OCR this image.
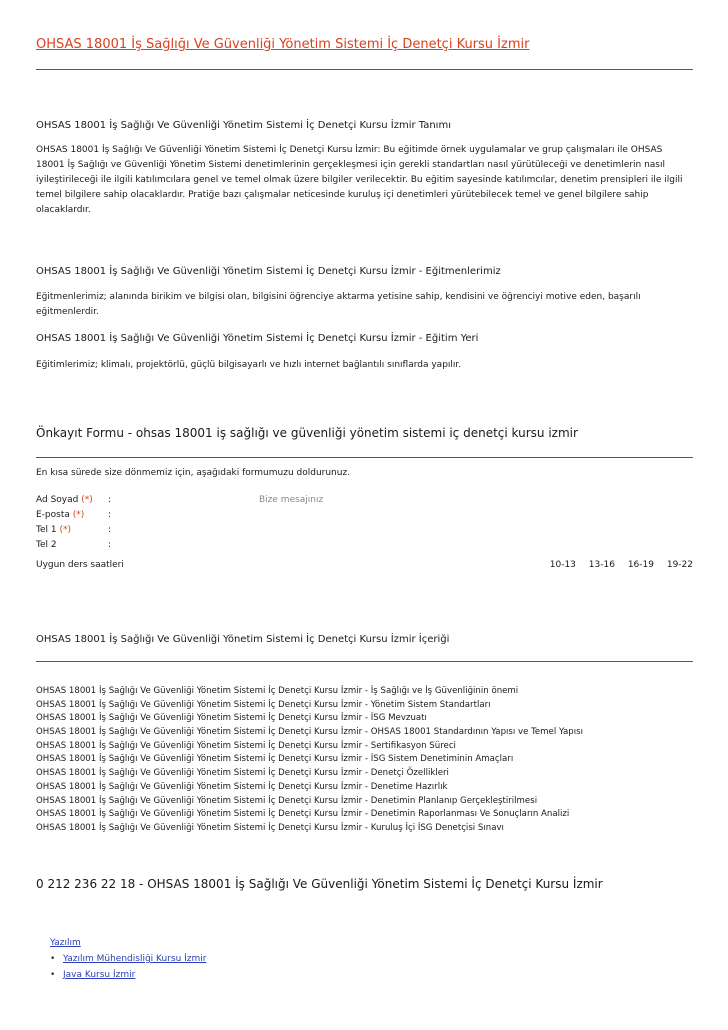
OHSAS 18001 İş Sağlığı Ve Güvenliği Yönetim Sistemi İç Denetçi Kursu İzmir
OHSAS 18001 İş Sağlığı Ve Güvenliği Yönetim Sistemi İç Denetçi Kursu İzmir Tanımı

OHSAS 18001 İş Sağlığı Ve Güvenliği Yönetim Sistemi İç Denetçi Kursu İzmir: Bu eğitimde örnek uygulamalar ve grup çalışmaları ile OHSAS 18001 İş Sağlığı ve Güvenliği Yönetim Sistemi denetimlerinin gerçekleşmesi için gerekli standartları nasıl yürütüleceği ve denetimlerin nasıl iyileştirileceği ile ilgili katılımcılara genel ve temel olmak üzere bilgiler verilecektir. Bu eğitim sayesinde katılımcılar, denetim prensipleri ile ilgili temel bilgilere sahip olacaklardır. Pratiğe bazı çalışmalar neticesinde kuruluş içi denetimleri yürütebilecek temel ve genel bilgilere sahip olacaklardır.

OHSAS 18001 İş Sağlığı Ve Güvenliği Yönetim Sistemi İç Denetçi Kursu İzmir - Eğitmenlerimiz

Eğitmenlerimiz; alanında birikim ve bilgisi olan, bilgisini öğrenciye aktarma yetisine sahip, kendisini ve öğrenciyi motive eden, başarılı eğitmenlerdir.

OHSAS 18001 İş Sağlığı Ve Güvenliği Yönetim Sistemi İç Denetçi Kursu İzmir - Eğitim Yeri

Eğitimlerimiz; klimalı, projektörlü, güçlü bilgisayarlı ve hızlı internet bağlantılı sınıflarda yapılır.

Önkayıt Formu - ohsas 18001 iş sağlığı ve güvenliği yönetim sistemi iç denetçi kursu izmir
En kısa sürede size dönmemiz için, aşağıdaki formumuzu doldurunuz.
Ad Soyad (*) :	Bize mesajınız
E-posta (*)	:
Tel 1 (*)	:
Tel 2	:
Uygun ders saatleri	10-13 13-16 16-19 19-22
OHSAS 18001 İş Sağlığı Ve Güvenliği Yönetim Sistemi İç Denetçi Kursu İzmir İçeriği
OHSAS 18001 İş Sağlığı Ve Güvenliği Yönetim Sistemi İç Denetçi Kursu İzmir - İş Sağlığı ve İş Güvenliğinin önemi
OHSAS 18001 İş Sağlığı Ve Güvenliği Yönetim Sistemi İç Denetçi Kursu İzmir - Yönetim Sistem Standartları
OHSAS 18001 İş Sağlığı Ve Güvenliği Yönetim Sistemi İç Denetçi Kursu İzmir - İSG Mevzuatı
OHSAS 18001 İş Sağlığı Ve Güvenliği Yönetim Sistemi İç Denetçi Kursu İzmir - OHSAS 18001 Standardının Yapısı ve Temel Yapısı
OHSAS 18001 İş Sağlığı Ve Güvenliği Yönetim Sistemi İç Denetçi Kursu İzmir - Sertifikasyon Süreci
OHSAS 18001 İş Sağlığı Ve Güvenliği Yönetim Sistemi İç Denetçi Kursu İzmir - İSG Sistem Denetiminin Amaçları
OHSAS 18001 İş Sağlığı Ve Güvenliği Yönetim Sistemi İç Denetçi Kursu İzmir - Denetçi Özellikleri
OHSAS 18001 İş Sağlığı Ve Güvenliği Yönetim Sistemi İç Denetçi Kursu İzmir - Denetime Hazırlık
OHSAS 18001 İş Sağlığı Ve Güvenliği Yönetim Sistemi İç Denetçi Kursu İzmir - Denetimin Planlanıp Gerçekleştirilmesi
OHSAS 18001 İş Sağlığı Ve Güvenliği Yönetim Sistemi İç Denetçi Kursu İzmir - Denetimin Raporlanması Ve Sonuçların Analizi
OHSAS 18001 İş Sağlığı Ve Güvenliği Yönetim Sistemi İç Denetçi Kursu İzmir - Kuruluş İçi İSG Denetçisi Sınavı
0 212 236 22 18 - OHSAS 18001 İş Sağlığı Ve Güvenliği Yönetim Sistemi İç Denetçi Kursu İzmir
Yazılım
• Yazılım Mühendisliği Kursu İzmir
• Java Kursu İzmir
